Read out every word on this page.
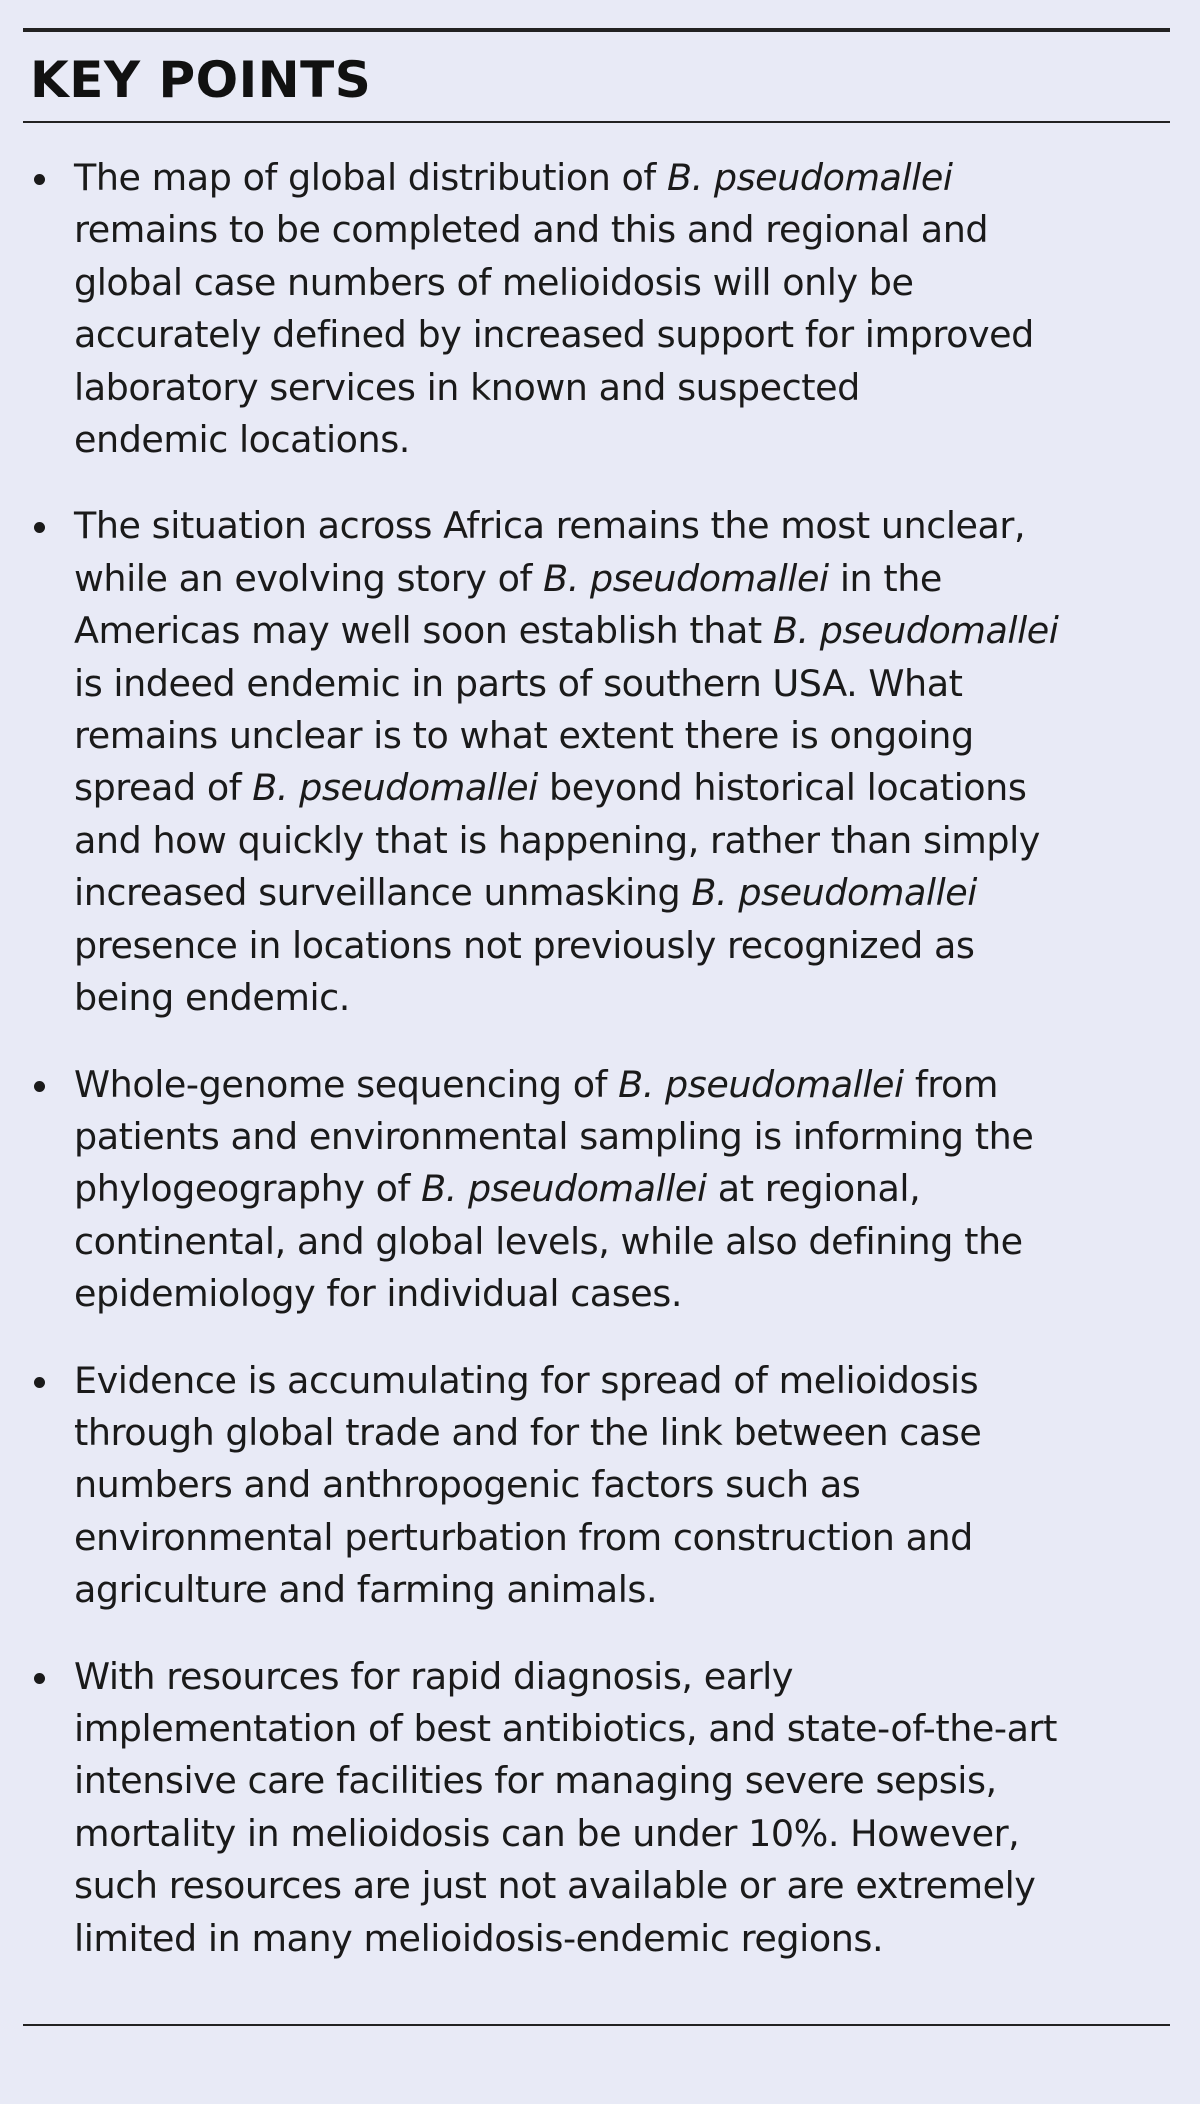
KEY POINTS
The map of global distribution of B. pseudomallei
remains to be completed and this and regional and
global case numbers of melioidosis will only be
accurately defined by increased support for improved
laboratory services in known and suspected
endemic locations.
The situation across Africa remains the most unclear,
while an evolving story of B. pseudomallei in the
Americas may well soon establish that B. pseudomallei
is indeed endemic in parts of southern USA. What
remains unclear is to what extent there is ongoing
spread of B. pseudomallei beyond historical locations
and how quickly that is happening, rather than simply
increased surveillance unmasking B. pseudomallei
presence in locations not previously recognized as
being endemic.
Whole-genome sequencing of B. pseudomallei from
patients and environmental sampling is informing the
phylogeography of B. pseudomallei at regional,
continental, and global levels, while also defining the
epidemiology for individual cases.
Evidence is accumulating for spread of melioidosis
through global trade and for the link between case
numbers and anthropogenic factors such as
environmental perturbation from construction and
agriculture and farming animals.
With resources for rapid diagnosis, early
implementation of best antibiotics, and state-of-the-art
intensive care facilities for managing severe sepsis,
mortality in melioidosis can be under 10%. However,
such resources are just not available or are extremely
limited in many melioidosis-endemic regions.
